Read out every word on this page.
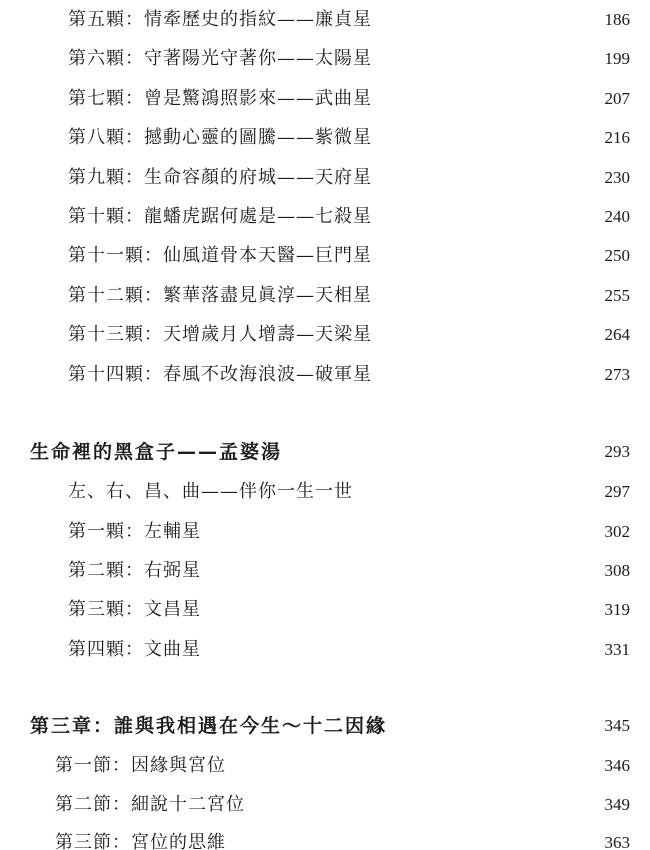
第五顆：情牽歷史的指紋——廉貞星	186
第六顆：守著陽光守著你——太陽星	199
第七顆：曾是驚鴻照影來——武曲星	207
第八顆：撼動心靈的圖騰——紫微星	216
第九顆：生命容顏的府城——天府星	230
第十顆：龍蟠虎踞何處是——七殺星	240
第十一顆：仙風道骨本天醫—巨門星	250
第十二顆：繁華落盡見眞淳—天相星	255
第十三顆：天增歲月人增壽—天梁星	264
第十四顆：春風不改海浪波—破軍星	273
生命裡的黑盒子——孟婆湯	293
左、右、昌、曲——伴你一生一世	297
第一顆：左輔星	302
第二顆：右弼星	308
第三顆：文昌星	319
第四顆：文曲星	331
第三章：誰與我相遇在今生～十二因緣	345
第一節：因緣與宮位	346
第二節：細說十二宮位	349
第三節：宮位的思維	363
